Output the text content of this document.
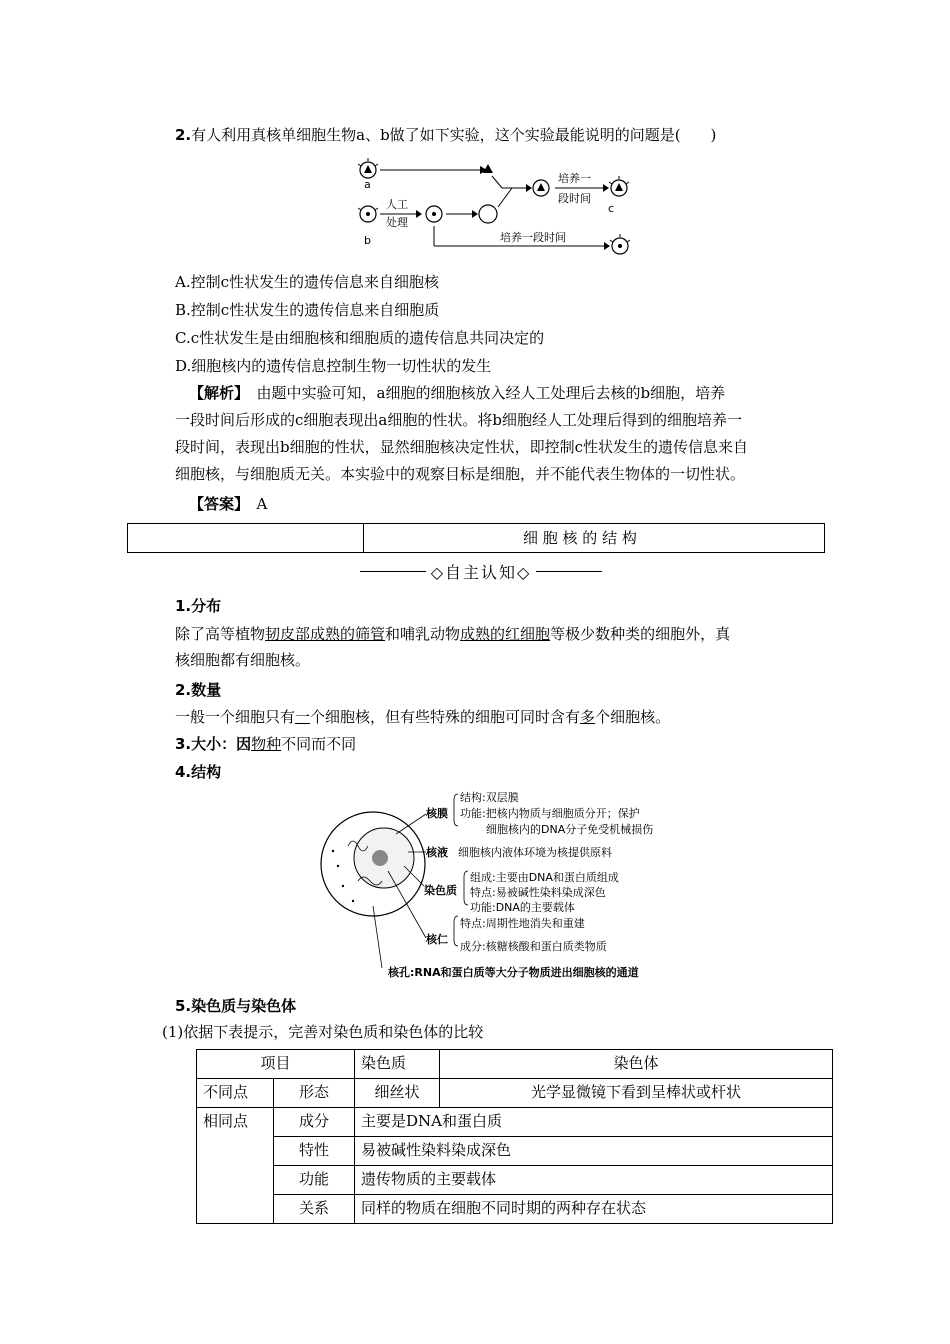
2.有人利用真核单细胞生物a、b做了如下实验，这个实验最能说明的问题是(　　)
a
b
人工
处理
培养一
段时间
c
培养一段时间
A.控制c性状发生的遗传信息来自细胞核
B.控制c性状发生的遗传信息来自细胞质
C.c性状发生是由细胞核和细胞质的遗传信息共同决定的
D.细胞核内的遗传信息控制生物一切性状的发生
【解析】　 由题中实验可知，a细胞的细胞核放入经人工处理后去核的b细胞，培养
一段时间后形成的c细胞表现出a细胞的性状。将b细胞经人工处理后得到的细胞培养一
段时间，表现出b细胞的性状，显然细胞核决定性状，即控制c性状发生的遗传信息来自
细胞核，与细胞质无关。本实验中的观察目标是细胞，并不能代表生物体的一切性状。
【答案】　 A
细 胞 核 的 结 构
◇自主认知◇
1.分布
除了高等植物韧皮部成熟的筛管和哺乳动物成熟的红细胞等极少数种类的细胞外，真
核细胞都有细胞核。
2.数量
一般一个细胞只有一个细胞核，但有些特殊的细胞可同时含有多个细胞核。
3.大小：因物种不同而不同
4.结构
核膜
结构:双层膜
功能:把核内物质与细胞质分开；保护
细胞核内的DNA分子免受机械损伤
核液 细胞核内液体环境为核提供原料
染色质
组成:主要由DNA和蛋白质组成
特点:易被碱性染料染成深色
功能:DNA的主要载体
核仁
特点:周期性地消失和重建
成分:核糖核酸和蛋白质类物质
核孔:RNA和蛋白质等大分子物质进出细胞核的通道
5.染色质与染色体
(1)依据下表提示，完善对染色质和染色体的比较
项目		染色质	染色体
不同点	形态	细丝状	光学显微镜下看到呈棒状或杆状
相同点	成分	主要是DNA和蛋白质	
	特性	易被碱性染料染成深色	
	功能	遗传物质的主要载体	
	关系	同样的物质在细胞不同时期的两种存在状态	
